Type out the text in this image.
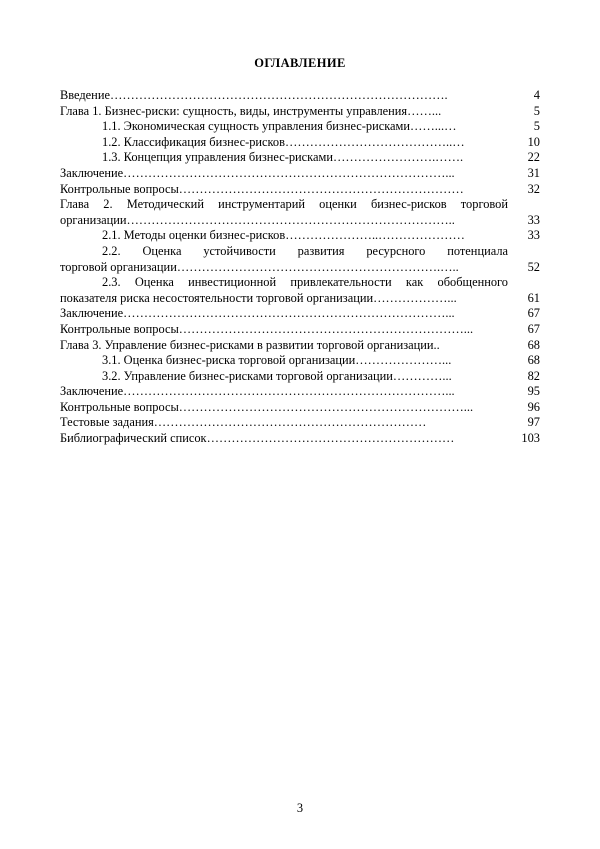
ОГЛАВЛЕНИЕ
Введение……………………………………………………………………….	4
Глава 1. Бизнес-риски: сущность, виды, инструменты управления……...	5
1.1. Экономическая сущность управления бизнес-рисками……...…	5
1.2. Классификация бизнес-рисков…………………………………..…	10
1.3. Концепция управления бизнес-рисками…………………….…….	22
Заключение……………………………………………………………………...	31
Контрольные вопросы……………………………………………………………	32
Глава 2. Методический инструментарий оценки бизнес-рисков торговой
организации……………………………………………………………………..	33
2.1. Методы оценки бизнес-рисков…………………..…………………	33
2.2. Оценка устойчивости развития ресурсного потенциала
торговой организации……………………………………………………….…..	52
2.3. Оценка инвестиционной привлекательности как обобщенного
показателя риска несостоятельности торговой организации………………...	61
Заключение……………………………………………………………………...	67
Контрольные вопросы……………………………………………………………...	67
Глава 3. Управление бизнес-рисками в развитии торговой организации..	68
3.1. Оценка бизнес-риска торговой организации…………………...	68
3.2. Управление бизнес-рисками торговой организации…………...	82
Заключение……………………………………………………………………...	95
Контрольные вопросы……………………………………………………………...	96
Тестовые задания…………………………………………………………	97
Библиографический список……………………………………………………	103
3
